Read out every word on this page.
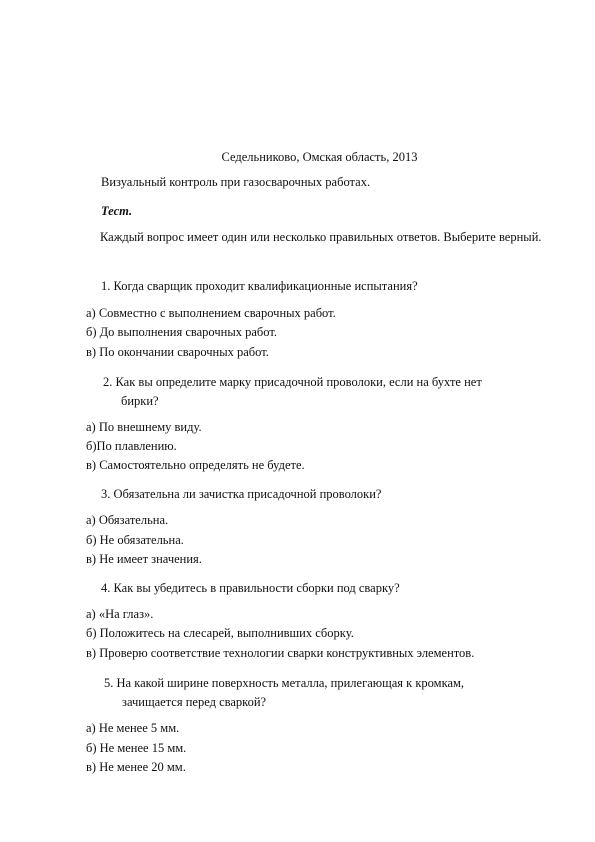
Седельниково, Омская область, 2013
Визуальный контроль при газосварочных работах.
Тест.
Каждый вопрос имеет один или несколько правильных ответов. Выберите верный.
1. Когда сварщик проходит квалификационные испытания?
а) Совместно с выполнением сварочных работ.
б) До выполнения сварочных работ.
в) По окончании сварочных работ.
2. Как вы определите марку присадочной проволоки, если на бухте нет
бирки?
а) По внешнему виду.
б)По плавлению.
в) Самостоятельно определять не будете.
3. Обязательна ли зачистка присадочной проволоки?
а) Обязательна.
б) Не обязательна.
в) Не имеет значения.
4. Как вы убедитесь в правильности сборки под сварку?
а) «На глаз».
б) Положитесь на слесарей, выполнивших сборку.
в) Проверю соответствие технологии сварки конструктивных элементов.
5. На какой ширине поверхность металла, прилегающая к кромкам,
зачищается перед сваркой?
а) Не менее 5 мм.
б) Не менее 15 мм.
в) Не менее 20 мм.
